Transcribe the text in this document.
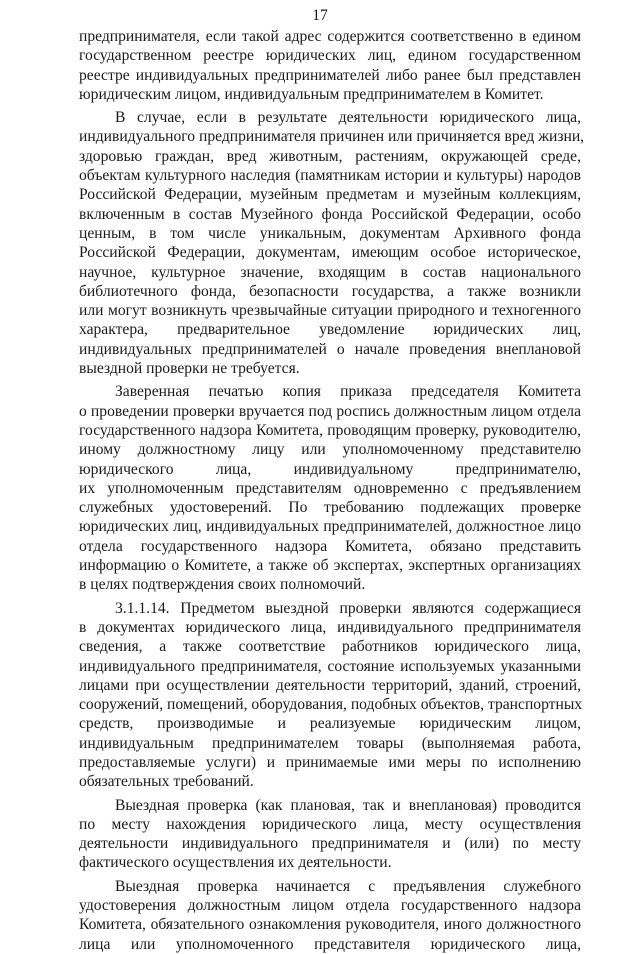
17
предпринимателя, если такой адрес содержится соответственно в едином
государственном реестре юридических лиц, едином государственном
реестре индивидуальных предпринимателей либо ранее был представлен
юридическим лицом, индивидуальным предпринимателем в Комитет.
В случае, если в результате деятельности юридического лица,
индивидуального предпринимателя причинен или причиняется вред жизни,
здоровью граждан, вред животным, растениям, окружающей среде,
объектам культурного наследия (памятникам истории и культуры) народов
Российской Федерации, музейным предметам и музейным коллекциям,
включенным в состав Музейного фонда Российской Федерации, особо
ценным, в том числе уникальным, документам Архивного фонда
Российской Федерации, документам, имеющим особое историческое,
научное, культурное значение, входящим в состав национального
библиотечного фонда, безопасности государства, а также возникли
или могут возникнуть чрезвычайные ситуации природного и техногенного
характера, предварительное уведомление юридических лиц,
индивидуальных предпринимателей о начале проведения внеплановой
выездной проверки не требуется.
Заверенная печатью копия приказа председателя Комитета
о проведении проверки вручается под роспись должностным лицом отдела
государственного надзора Комитета, проводящим проверку, руководителю,
иному должностному лицу или уполномоченному представителю
юридического лица, индивидуальному предпринимателю,
их уполномоченным представителям одновременно с предъявлением
служебных удостоверений. По требованию подлежащих проверке
юридических лиц, индивидуальных предпринимателей, должностное лицо
отдела государственного надзора Комитета, обязано представить
информацию о Комитете, а также об экспертах, экспертных организациях
в целях подтверждения своих полномочий.
3.1.1.14. Предметом выездной проверки являются содержащиеся
в документах юридического лица, индивидуального предпринимателя
сведения, а также соответствие работников юридического лица,
индивидуального предпринимателя, состояние используемых указанными
лицами при осуществлении деятельности территорий, зданий, строений,
сооружений, помещений, оборудования, подобных объектов, транспортных
средств, производимые и реализуемые юридическим лицом,
индивидуальным предпринимателем товары (выполняемая работа,
предоставляемые услуги) и принимаемые ими меры по исполнению
обязательных требований.
Выездная проверка (как плановая, так и внеплановая) проводится
по месту нахождения юридического лица, месту осуществления
деятельности индивидуального предпринимателя и (или) по месту
фактического осуществления их деятельности.
Выездная проверка начинается с предъявления служебного
удостоверения должностным лицом отдела государственного надзора
Комитета, обязательного ознакомления руководителя, иного должностного
лица или уполномоченного представителя юридического лица,
